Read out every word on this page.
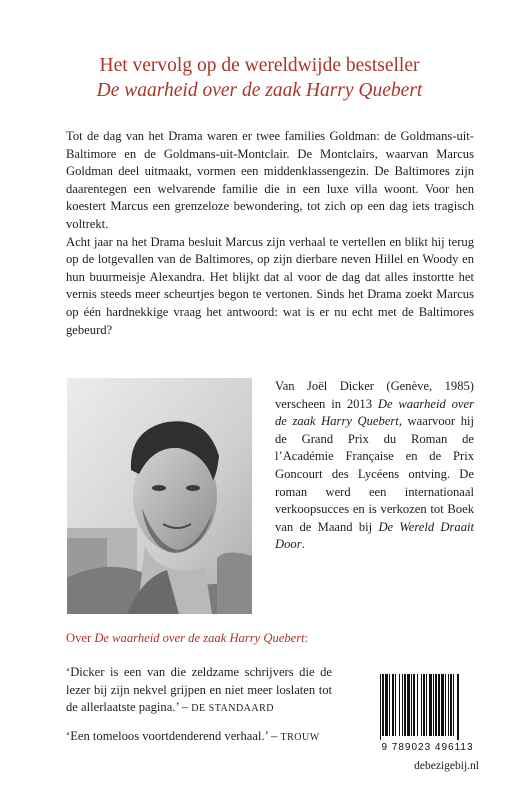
Het vervolg op de wereldwijde bestseller
De waarheid over de zaak Harry Quebert

Tot de dag van het Drama waren er twee families Goldman: de Goldmans-uit-Baltimore en de Goldmans-uit-Montclair. De Montclairs, waarvan Marcus Goldman deel uitmaakt, vormen een middenklassengezin. De Baltimores zijn daarentegen een welvarende familie die in een luxe villa woont. Voor hen koestert Marcus een grenzeloze bewondering, tot zich op een dag iets tragisch voltrekt.

Acht jaar na het Drama besluit Marcus zijn verhaal te vertellen en blikt hij terug op de lotgevallen van de Baltimores, op zijn dierbare neven Hillel en Woody en hun buurmeisje Alexandra. Het blijkt dat al voor de dag dat alles instortte het vernis steeds meer scheurtjes begon te vertonen. Sinds het Drama zoekt Marcus op één hardnekkige vraag het antwoord: wat is er nu echt met de Baltimores gebeurd?

Van Joël Dicker (Genève, 1985) verscheen in 2013 De waarheid over de zaak Harry Quebert, waarvoor hij de Grand Prix du Roman de l’Académie Française en de Prix Goncourt des Lycéens ontving. De roman werd een internationaal verkoopsucces en is verkozen tot Boek van de Maand bij De Wereld Draait Door.
Over De waarheid over de zaak Harry Quebert:
‘Dicker is een van die zeldzame schrijvers die de lezer bij zijn nekvel grijpen en niet meer loslaten tot de allerlaatste pagina.’ – DE STANDAARD
‘Een tomeloos voortdenderend verhaal.’ – TROUW
9 789023 496113
debezigebij.nl
